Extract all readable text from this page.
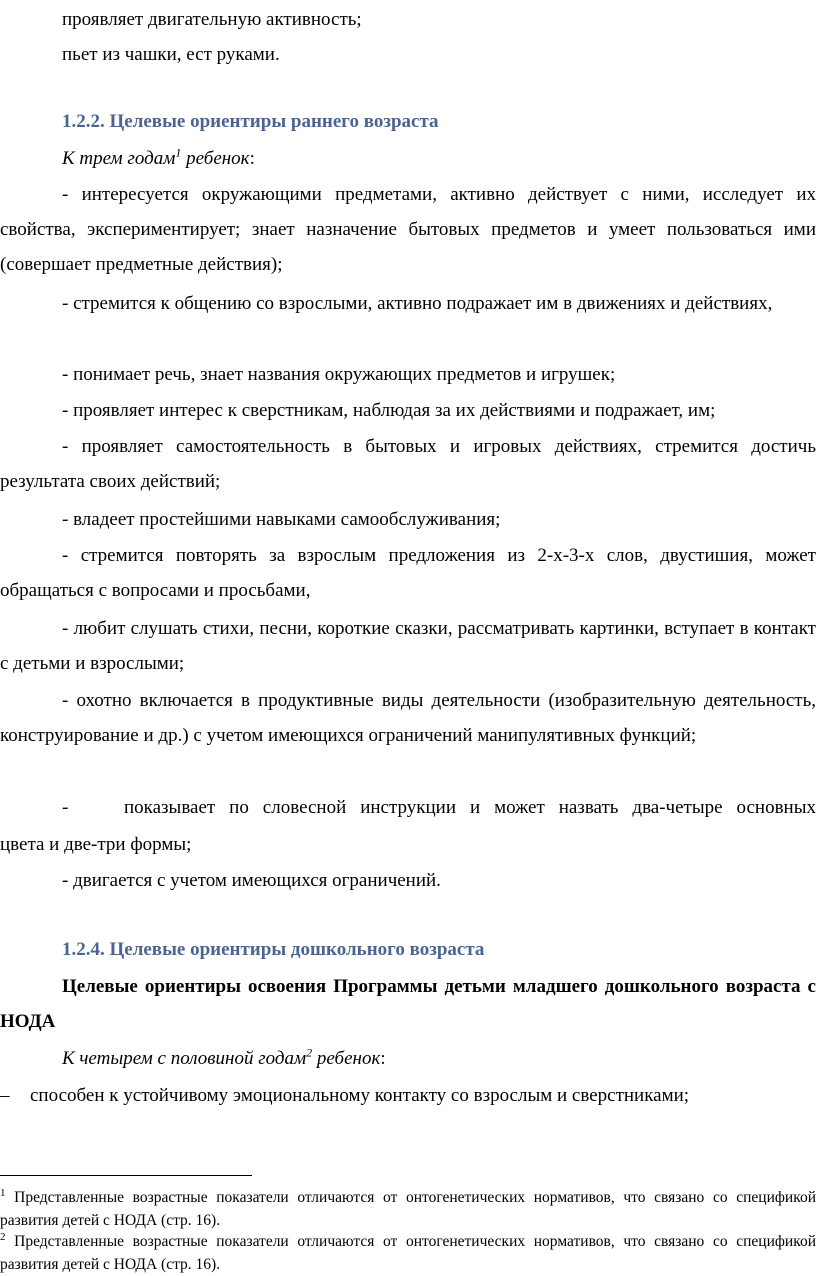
проявляет двигательную активность;

пьет из чашки, ест руками.

1.2.2. Целевые ориентиры раннего возраста

К трем годам$^1$ ребенок:

- интересуется окружающими предметами, активно действует с ними, исследует их свойства, экспериментирует; знает назначение бытовых предметов и умеет пользоваться ими (совершает предметные действия);

- стремится к общению со взрослыми, активно подражает им в движениях и действиях,

- понимает речь, знает названия окружающих предметов и игрушек;

- проявляет интерес к сверстникам, наблюдая за их действиями и подражает, им;

- проявляет самостоятельность в бытовых и игровых действиях, стремится достичь результата своих действий;

- владеет простейшими навыками самообслуживания;

- стремится повторять за взрослым предложения из 2-х-3-х слов, двустишия, может обращаться с вопросами и просьбами,

- любит слушать стихи, песни, короткие сказки, рассматривать картинки, вступает в контакт с детьми и взрослыми;

- охотно включается в продуктивные виды деятельности (изобразительную деятельность, конструирование и др.) с учетом имеющихся ограничений манипулятивных функций;

-	показывает по словесной инструкции и может назвать два-четыре основных

цвета и две-три формы;

- двигается с учетом имеющихся ограничений.

1.2.4. Целевые ориентиры дошкольного возраста

Целевые ориентиры освоения Программы детьми младшего дошкольного возраста с НОДА

К четырем с половиной годам$^2$ ребенок:

– способен к устойчивому эмоциональному контакту со взрослым и сверстниками;

$^1$ Представленные возрастные показатели отличаются от онтогенетических нормативов, что связано со спецификой развития детей с НОДА (стр. 16).

$^2$ Представленные возрастные показатели отличаются от онтогенетических нормативов, что связано со спецификой развития детей с НОДА (стр. 16).
